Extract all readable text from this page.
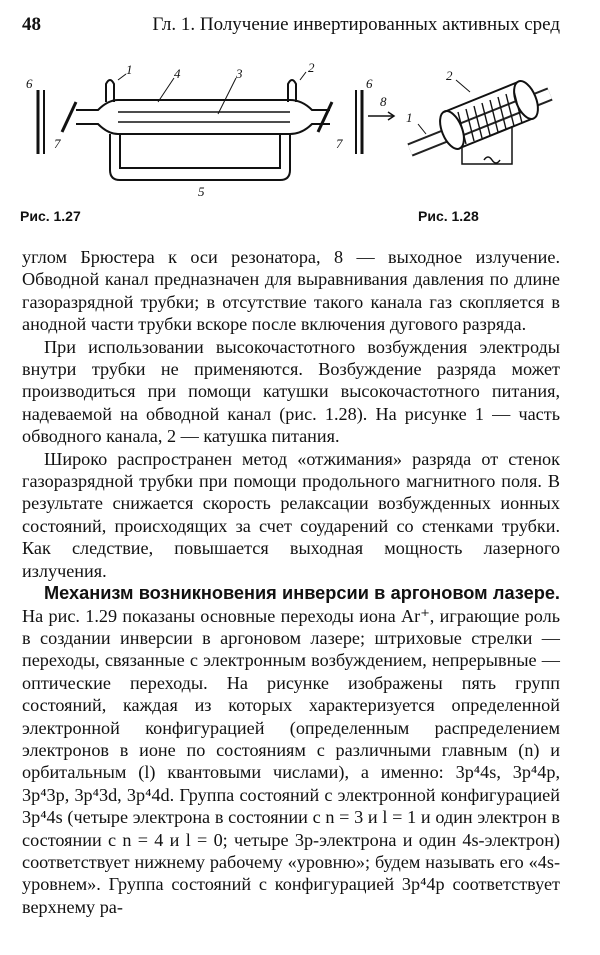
48	Гл. 1. Получение инвертированных активных сред
1	4	3	2
6	6
7	7
8
5
1
2
Рис. 1.27	Рис. 1.28

углом Брюстера к оси резонатора, 8 — выходное излучение. Обводной канал предназначен для выравнивания давления по длине газоразрядной трубки; в отсутствие такого канала газ скопляется в анодной части трубки вскоре после включения дугового разряда.

При использовании высокочастотного возбуждения электроды внутри трубки не применяются. Возбуждение разряда может производиться при помощи катушки высокочастотного питания, надеваемой на обводной канал (рис. 1.28). На рисунке 1 — часть обводного канала, 2 — катушка питания.

Широко распространен метод «отжимания» разряда от стенок газоразрядной трубки при помощи продольного магнитного поля. В результате снижается скорость релаксации возбужденных ионных состояний, происходящих за счет соударений со стенками трубки. Как следствие, повышается выходная мощность лазерного излучения.

Механизм возникновения инверсии в аргоновом лазере. На рис. 1.29 показаны основные переходы иона Ar⁺, играющие роль в создании инверсии в аргоновом лазере; штриховые стрелки — переходы, связанные с электронным возбуждением, непрерывные — оптические переходы. На рисунке изображены пять групп состояний, каждая из которых характеризуется определенной электронной конфигурацией (определенным распределением электронов в ионе по состояниям с различными главным (n) и орбитальным (l) квантовыми числами), а именно: 3p⁴4s, 3p⁴4p, 3p⁴3p, 3p⁴3d, 3p⁴4d. Группа состояний с электронной конфигурацией 3p⁴4s (четыре электрона в состоянии с n = 3 и l = 1 и один электрон в состоянии с n = 4 и l = 0; четыре 3p-электрона и один 4s-электрон) соответствует нижнему рабочему «уровню»; будем называть его «4s-уровнем». Группа состояний с конфигурацией 3p⁴4p соответствует верхнему ра-
